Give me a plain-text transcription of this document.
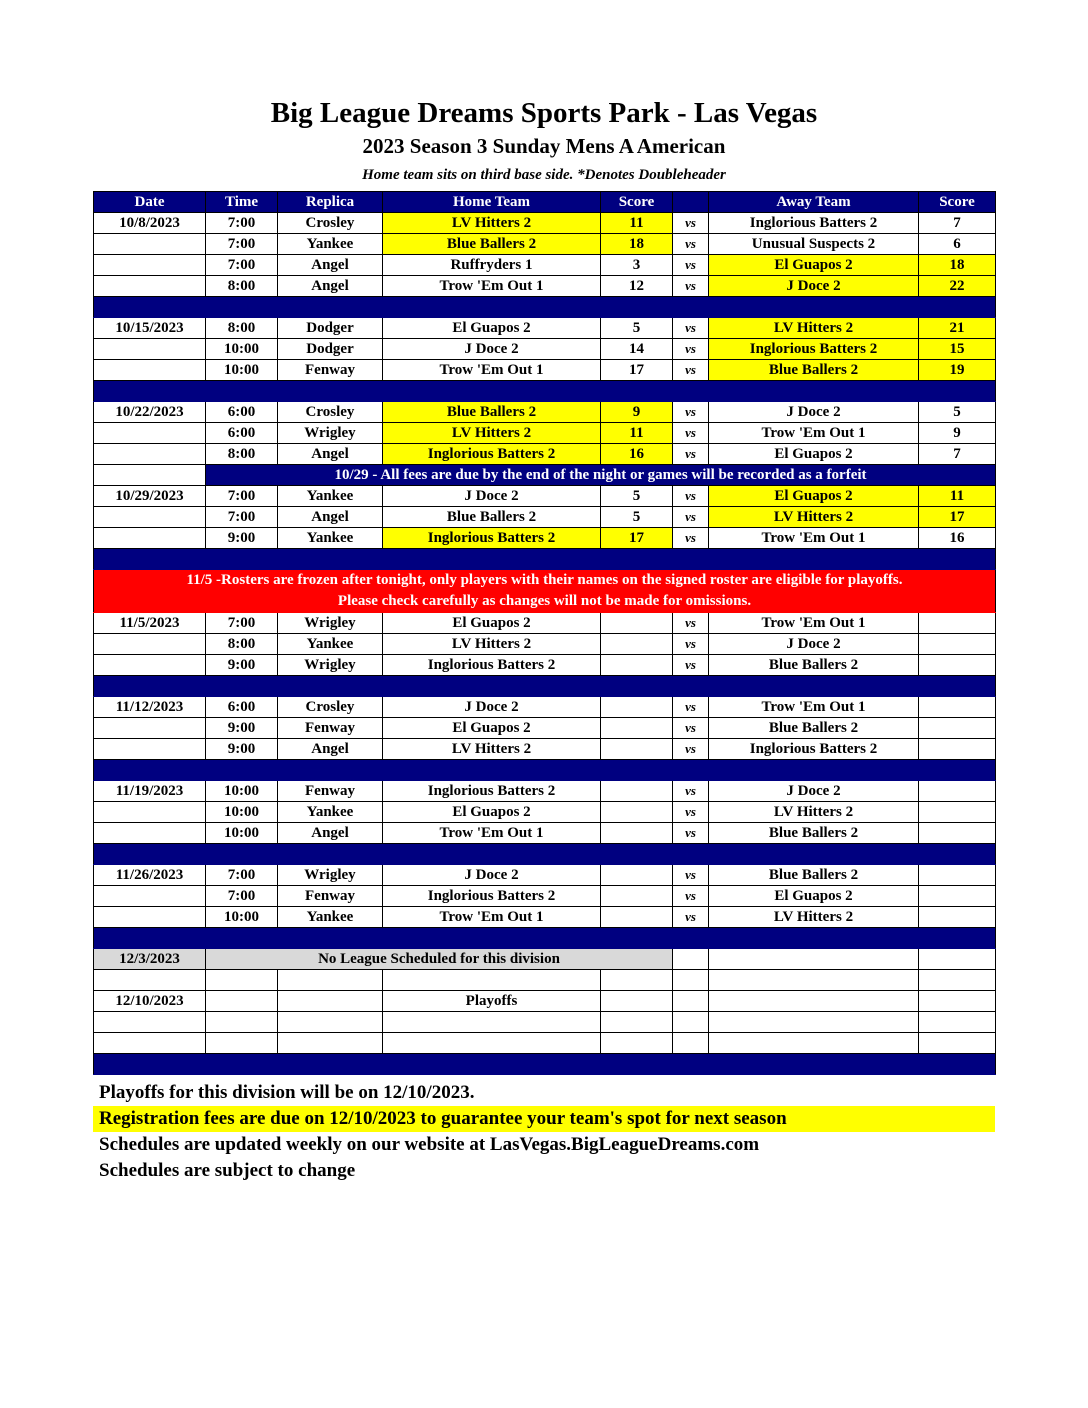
Big League Dreams Sports Park - Las Vegas
2023 Season 3 Sunday Mens A American
Home team sits on third base side. *Denotes Doubleheader
Date	Time	Replica	Home Team	Score		Away Team	Score
10/8/2023	7:00	Crosley	LV Hitters 2	11	vs	Inglorious Batters 2	7
	7:00	Yankee	Blue Ballers 2	18	vs	Unusual Suspects 2	6
	7:00	Angel	Ruffryders 1	3	vs	El Guapos 2	18
	8:00	Angel	Trow 'Em Out 1	12	vs	J Doce 2	22

10/15/2023	8:00	Dodger	El Guapos 2	5	vs	LV Hitters 2	21
	10:00	Dodger	J Doce 2	14	vs	Inglorious Batters 2	15
	10:00	Fenway	Trow 'Em Out 1	17	vs	Blue Ballers 2	19

10/22/2023	6:00	Crosley	Blue Ballers 2	9	vs	J Doce 2	5
	6:00	Wrigley	LV Hitters 2	11	vs	Trow 'Em Out 1	9
	8:00	Angel	Inglorious Batters 2	16	vs	El Guapos 2	7
	10/29 - All fees are due by the end of the night or games will be recorded as a forfeit						
10/29/2023	7:00	Yankee	J Doce 2	5	vs	El Guapos 2	11
	7:00	Angel	Blue Ballers 2	5	vs	LV Hitters 2	17
	9:00	Yankee	Inglorious Batters 2	17	vs	Trow 'Em Out 1	16

11/5 -Rosters are frozen after tonight, only players with their names on the signed roster are eligible for playoffs.
Please check carefully as changes will not be made for omissions.							

11/5/2023	7:00	Wrigley	El Guapos 2		vs	Trow 'Em Out 1	
	8:00	Yankee	LV Hitters 2		vs	J Doce 2	
	9:00	Wrigley	Inglorious Batters 2		vs	Blue Ballers 2	

11/12/2023	6:00	Crosley	J Doce 2		vs	Trow 'Em Out 1	
	9:00	Fenway	El Guapos 2		vs	Blue Ballers 2	
	9:00	Angel	LV Hitters 2		vs	Inglorious Batters 2	

11/19/2023	10:00	Fenway	Inglorious Batters 2		vs	J Doce 2	
	10:00	Yankee	El Guapos 2		vs	LV Hitters 2	
	10:00	Angel	Trow 'Em Out 1		vs	Blue Ballers 2	

11/26/2023	7:00	Wrigley	J Doce 2		vs	Blue Ballers 2	
	7:00	Fenway	Inglorious Batters 2		vs	El Guapos 2	
	10:00	Yankee	Trow 'Em Out 1		vs	LV Hitters 2	

12/3/2023	No League Scheduled for this division						

12/10/2023			Playoffs				

Playoffs for this division will be on 12/10/2023.
Registration fees are due on 12/10/2023 to guarantee your team's spot for next season
Schedules are updated weekly on our website at LasVegas.BigLeagueDreams.com
Schedules are subject to change
